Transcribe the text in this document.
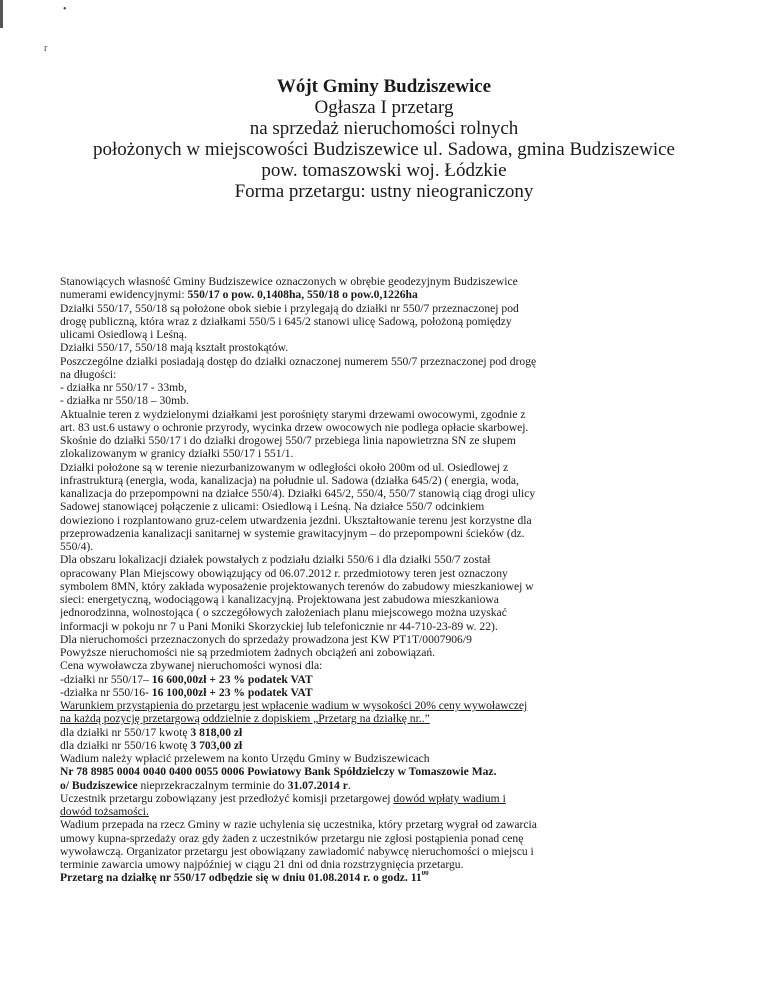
•
r
Wójt Gminy Budziszewice
Ogłasza I przetarg
na sprzedaż nieruchomości rolnych
położonych w miejscowości Budziszewice ul. Sadowa, gmina Budziszewice
pow. tomaszowski woj. Łódzkie
Forma przetargu: ustny nieograniczony
Stanowiących własność Gminy Budziszewice oznaczonych w obrębie geodezyjnym Budziszewice
numerami ewidencyjnymi: 550/17 o pow. 0,1408ha, 550/18 o pow.0,1226ha
Działki 550/17, 550/18 są położone obok siebie i przylegają do działki nr 550/7 przeznaczonej pod
drogę publiczną, która wraz z działkami 550/5 i 645/2 stanowi ulicę Sadową, położoną pomiędzy
ulicami Osiedlową i Leśną.
Działki 550/17, 550/18 mają kształt prostokątów.
Poszczególne działki posiadają dostęp do działki oznaczonej numerem 550/7 przeznaczonej pod drogę
na długości:
- działka nr 550/17 - 33mb,
- działka nr 550/18 – 30mb.
Aktualnie teren z wydzielonymi działkami jest porośnięty starymi drzewami owocowymi, zgodnie z
art. 83 ust.6 ustawy o ochronie przyrody, wycinka drzew owocowych nie podlega opłacie skarbowej.
Skośnie do działki 550/17 i do działki drogowej 550/7 przebiega linia napowietrzna SN ze słupem
zlokalizowanym w granicy działki 550/17 i 551/1.
Działki położone są w terenie niezurbanizowanym w odległości około 200m od ul. Osiedlowej z
infrastrukturą (energia, woda, kanalizacja) na południe ul. Sadowa (działka 645/2) ( energia, woda,
kanalizacja do przepompowni na działce 550/4). Działki 645/2, 550/4, 550/7 stanowią ciąg drogi ulicy
Sadowej stanowiącej połączenie z ulicami: Osiedlową i Leśną. Na działce 550/7 odcinkiem
dowieziono i rozplantowano gruz-celem utwardzenia jezdni. Ukształtowanie terenu jest korzystne dla
przeprowadzenia kanalizacji sanitarnej w systemie grawitacyjnym – do przepompowni ścieków (dz.
550/4).
Dla obszaru lokalizacji działek powstałych z podziału działki 550/6 i dla działki 550/7 został
opracowany Plan Miejscowy obowiązujący od 06.07.2012 r. przedmiotowy teren jest oznaczony
symbolem 8MN, który zakłada wyposażenie projektowanych terenów do zabudowy mieszkaniowej w
sieci: energetyczną, wodociągową i kanalizacyjną. Projektowana jest zabudowa mieszkaniowa
jednorodzinna, wolnostojąca ( o szczegółowych założeniach planu miejscowego można uzyskać
informacji w pokoju nr 7 u Pani Moniki Skorzyckiej lub telefonicznie nr 44-710-23-89 w. 22).
Dla nieruchomości przeznaczonych do sprzedaży prowadzona jest KW PT1T/0007906/9
Powyższe nieruchomości nie są przedmiotem żadnych obciążeń ani zobowiązań.
Cena wywoławcza zbywanej nieruchomości wynosi dla:
-działki nr 550/17– 16 600,00zł + 23 % podatek VAT
-działka nr 550/16- 16 100,00zł + 23 % podatek VAT
Warunkiem przystąpienia do przetargu jest wpłacenie wadium w wysokości 20% ceny wywoławczej
na każdą pozycję przetargową oddzielnie z dopiskiem „Przetarg na działkę nr..”
dla działki nr 550/17 kwotę 3 818,00 zł
dla działki nr 550/16 kwotę 3 703,00 zł
Wadium należy wpłacić przelewem na konto Urzędu Gminy w Budziszewicach
Nr 78 8985 0004 0040 0400 0055 0006 Powiatowy Bank Spółdzielczy w Tomaszowie Maz.
o/ Budziszewice nieprzekraczalnym terminie do 31.07.2014 r.
Uczestnik przetargu zobowiązany jest przedłożyć komisji przetargowej dowód wpłaty wadium i
dowód tożsamości.
Wadium przepada na rzecz Gminy w razie uchylenia się uczestnika, który przetarg wygrał od zawarcia
umowy kupna-sprzedaży oraz gdy żaden z uczestników przetargu nie zgłosi postąpienia ponad cenę
wywoławczą. Organizator przetargu jest obowiązany zawiadomić nabywcę nieruchomości o miejscu i
terminie zawarcia umowy najpóźniej w ciągu 21 dni od dnia rozstrzygnięcia przetargu.
Przetarg na działkę nr 550/17 odbędzie się w dniu 01.08.2014 r. o godz. $11^{00}$
